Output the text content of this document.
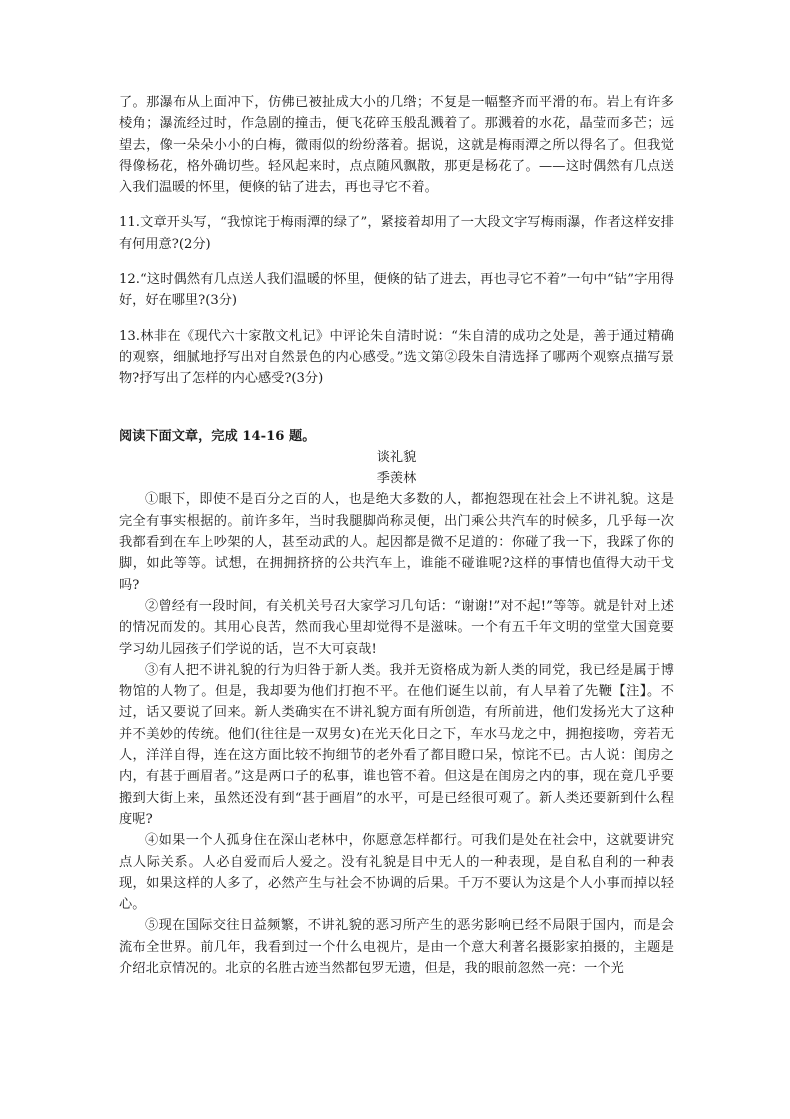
了。那瀑布从上面冲下，仿佛已被扯成大小的几绺；不复是一幅整齐而平滑的布。岩上有许多棱角；瀑流经过时，作急剧的撞击，便飞花碎玉般乱溅着了。那溅着的水花，晶莹而多芒；远望去，像一朵朵小小的白梅，微雨似的纷纷落着。据说，这就是梅雨潭之所以得名了。但我觉得像杨花，格外确切些。轻风起来时，点点随风飘散，那更是杨花了。——这时偶然有几点送入我们温暖的怀里，便倏的钻了进去，再也寻它不着。

11.文章开头写，“我惊诧于梅雨潭的绿了”，紧接着却用了一大段文字写梅雨瀑，作者这样安排有何用意?(2分)

12.“这时偶然有几点送人我们温暖的怀里，便倏的钻了进去，再也寻它不着”一句中“钻”字用得好，好在哪里?(3分)

13.林非在《现代六十家散文札记》中评论朱自清时说：“朱自清的成功之处是，善于通过精确的观察，细腻地抒写出对自然景色的内心感受。”选文第②段朱自清选择了哪两个观察点描写景物?抒写出了怎样的内心感受?(3分)

阅读下面文章，完成 14-16 题。

谈礼貌

季羡林

①眼下，即使不是百分之百的人，也是绝大多数的人，都抱怨现在社会上不讲礼貌。这是完全有事实根据的。前许多年，当时我腿脚尚称灵便，出门乘公共汽车的时候多，几乎每一次我都看到在车上吵架的人，甚至动武的人。起因都是微不足道的：你碰了我一下，我踩了你的脚，如此等等。试想，在拥拥挤挤的公共汽车上，谁能不碰谁呢?这样的事情也值得大动干戈吗?

②曾经有一段时间，有关机关号召大家学习几句话：“谢谢!”对不起!”等等。就是针对上述的情况而发的。其用心良苦，然而我心里却觉得不是滋味。一个有五千年文明的堂堂大国竟要学习幼儿园孩子们学说的话，岂不大可哀哉!

③有人把不讲礼貌的行为归咎于新人类。我并无资格成为新人类的同党，我已经是属于博物馆的人物了。但是，我却要为他们打抱不平。在他们诞生以前，有人早着了先鞭【注】。不过，话又要说了回来。新人类确实在不讲礼貌方面有所创造，有所前进，他们发扬光大了这种并不美妙的传统。他们(往往是一双男女)在光天化日之下，车水马龙之中，拥抱接吻，旁若无人，洋洋自得，连在这方面比较不拘细节的老外看了都目瞪口呆，惊诧不已。古人说：闺房之内，有甚于画眉者。”这是两口子的私事，谁也管不着。但这是在闺房之内的事，现在竟几乎要搬到大街上来，虽然还没有到“甚于画眉”的水平，可是已经很可观了。新人类还要新到什么程度呢?

④如果一个人孤身住在深山老林中，你愿意怎样都行。可我们是处在社会中，这就要讲究点人际关系。人必自爱而后人爱之。没有礼貌是目中无人的一种表现，是自私自利的一种表现，如果这样的人多了，必然产生与社会不协调的后果。千万不要认为这是个人小事而掉以轻心。

⑤现在国际交往日益频繁，不讲礼貌的恶习所产生的恶劣影响已经不局限于国内，而是会流布全世界。前几年，我看到过一个什么电视片，是由一个意大利著名摄影家拍摄的，主题是介绍北京情况的。北京的名胜古迹当然都包罗无遗，但是，我的眼前忽然一亮：一个光
